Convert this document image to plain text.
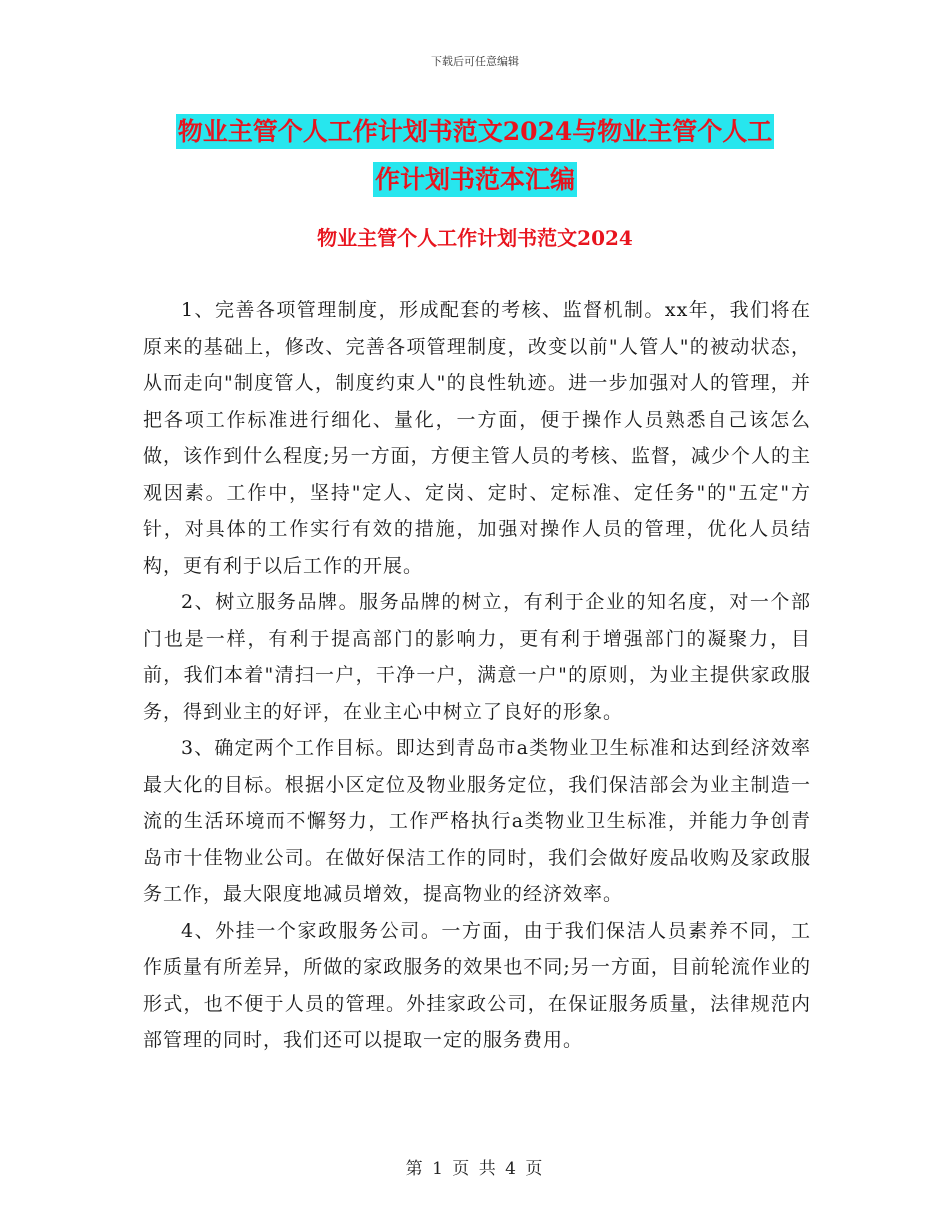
下载后可任意编辑
物业主管个人工作计划书范文2024与物业主管个人工
作计划书范本汇编
物业主管个人工作计划书范文2024

1、完善各项管理制度，形成配套的考核、监督机制。xx年，我们将在原来的基础上，修改、完善各项管理制度，改变以前"人管人"的被动状态，从而走向"制度管人，制度约束人"的良性轨迹。进一步加强对人的管理，并把各项工作标准进行细化、量化，一方面，便于操作人员熟悉自己该怎么做，该作到什么程度;另一方面，方便主管人员的考核、监督，减少个人的主观因素。工作中，坚持"定人、定岗、定时、定标准、定任务"的"五定"方针，对具体的工作实行有效的措施，加强对操作人员的管理，优化人员结构，更有利于以后工作的开展。

2、树立服务品牌。服务品牌的树立，有利于企业的知名度，对一个部门也是一样，有利于提高部门的影响力，更有利于增强部门的凝聚力，目前，我们本着"清扫一户，干净一户，满意一户"的原则，为业主提供家政服务，得到业主的好评，在业主心中树立了良好的形象。

3、确定两个工作目标。即达到青岛市a类物业卫生标准和达到经济效率最大化的目标。根据小区定位及物业服务定位，我们保洁部会为业主制造一流的生活环境而不懈努力，工作严格执行a类物业卫生标准，并能力争创青岛市十佳物业公司。在做好保洁工作的同时，我们会做好废品收购及家政服务工作，最大限度地减员增效，提高物业的经济效率。

4、外挂一个家政服务公司。一方面，由于我们保洁人员素养不同，工作质量有所差异，所做的家政服务的效果也不同;另一方面，目前轮流作业的形式，也不便于人员的管理。外挂家政公司，在保证服务质量，法律规范内部管理的同时，我们还可以提取一定的服务费用。

第 1 页 共 4 页
